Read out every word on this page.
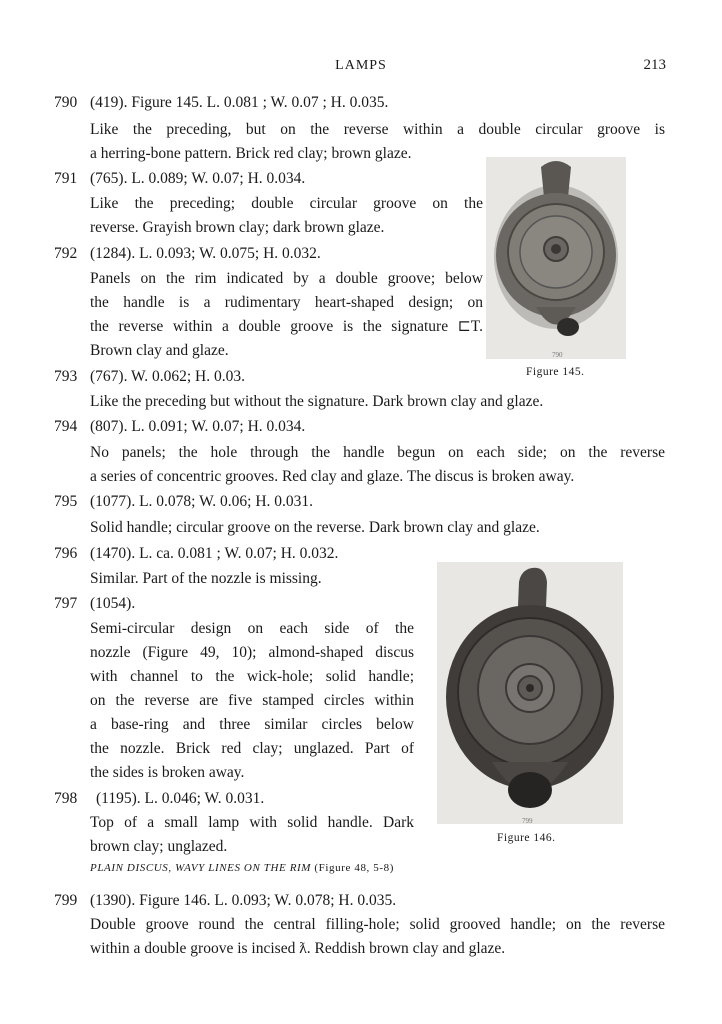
LAMPS	213
790
Figure 145.
799
Figure 146.
790 (419). Figure 145. L. 0.081 ; W. 0.07 ; H. 0.035.
Like the preceding, but on the reverse within a double circular groove is
a herring-bone pattern. Brick red clay; brown glaze.
791 (765). L. 0.089; W. 0.07; H. 0.034.
Like the preceding; double circular groove on the
reverse. Grayish brown clay; dark brown glaze.
792 (1284). L. 0.093; W. 0.075; H. 0.032.
Panels on the rim indicated by a double groove; below
the handle is a rudimentary heart-shaped design; on
the reverse within a double groove is the signature ⊏T.
Brown clay and glaze.
793 (767). W. 0.062; H. 0.03.
Like the preceding but without the signature. Dark brown clay and glaze.
794 (807). L. 0.091; W. 0.07; H. 0.034.
No panels; the hole through the handle begun on each side; on the reverse
a series of concentric grooves. Red clay and glaze. The discus is broken away.
795 (1077). L. 0.078; W. 0.06; H. 0.031.
Solid handle; circular groove on the reverse. Dark brown clay and glaze.
796 (1470). L. ca. 0.081 ; W. 0.07; H. 0.032.
Similar. Part of the nozzle is missing.
797 (1054).
Semi-circular design on each side of the
nozzle (Figure 49, 10); almond-shaped discus
with channel to the wick-hole; solid handle;
on the reverse are five stamped circles within
a base-ring and three similar circles below
the nozzle. Brick red clay; unglazed. Part of
the sides is broken away.
798 (1195). L. 0.046; W. 0.031.
Top of a small lamp with solid handle. Dark
brown clay; unglazed.
PLAIN DISCUS, WAVY LINES ON THE RIM (Figure 48, 5-8)
799 (1390). Figure 146. L. 0.093; W. 0.078; H. 0.035.
Double groove round the central filling-hole; solid grooved handle; on the reverse
within a double groove is incised ƛ. Reddish brown clay and glaze.
